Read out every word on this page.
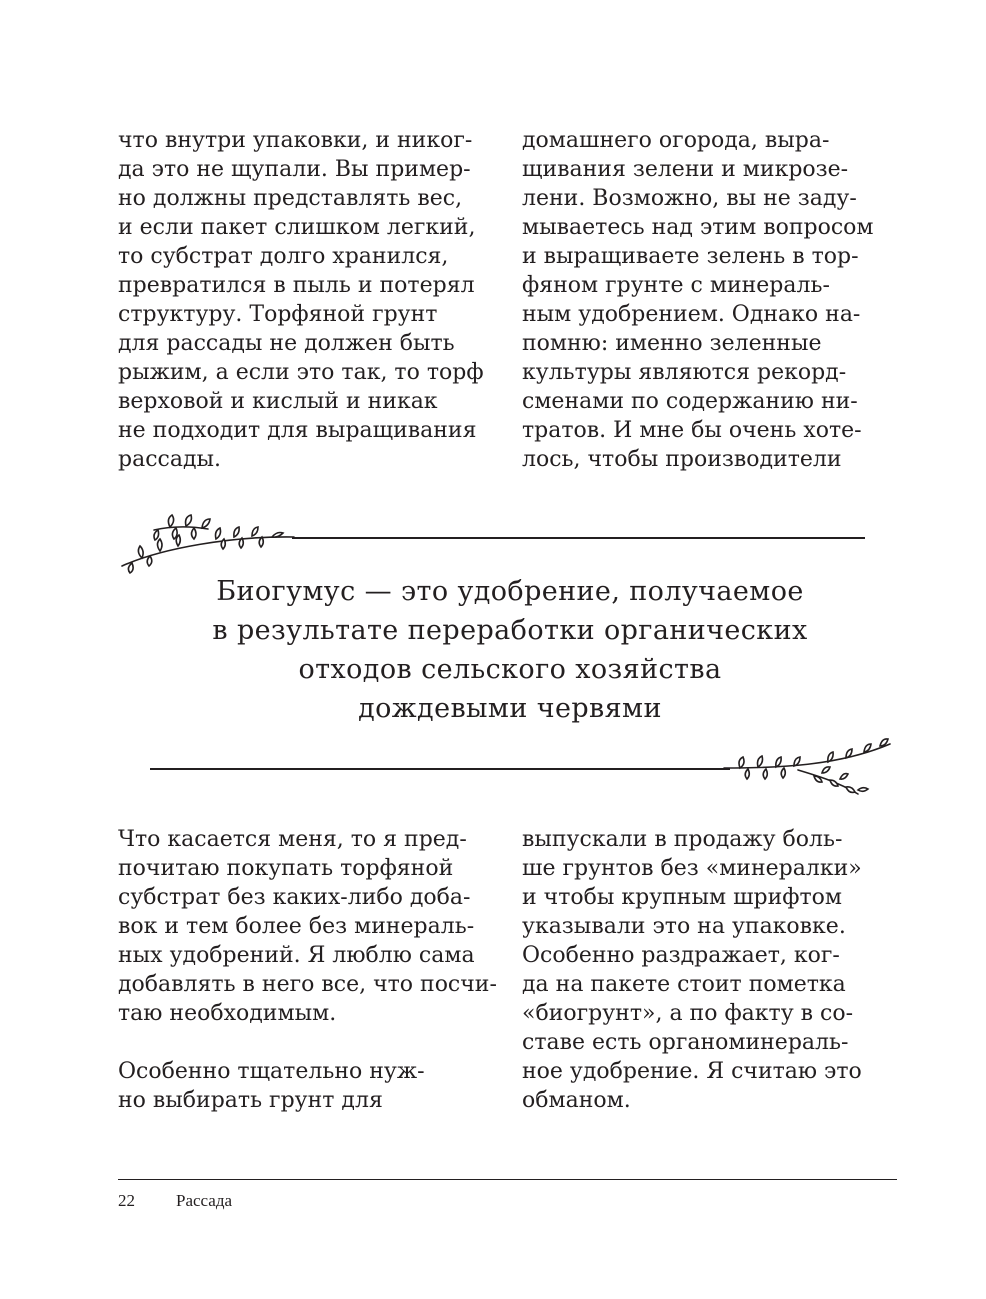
что внутри упаковки, и никог-
да это не щупали. Вы пример-
но должны представлять вес,
и если пакет слишком легкий,
то субстрат долго хранился,
превратился в пыль и потерял
структуру. Торфяной грунт
для рассады не должен быть
рыжим, а если это так, то торф
верховой и кислый и никак
не подходит для выращивания
рассады.
домашнего огорода, выра-
щивания зелени и микрозе-
лени. Возможно, вы не заду-
мываетесь над этим вопросом
и выращиваете зелень в тор-
фяном грунте с минераль-
ным удобрением. Однако на-
помню: именно зеленные
культуры являются рекорд-
сменами по содержанию ни-
тратов. И мне бы очень хоте-
лось, чтобы производители
Биогумус — это удобрение, получаемое
в результате переработки органических
отходов сельского хозяйства
дождевыми червями
Что касается меня, то я пред-
почитаю покупать торфяной
субстрат без каких-либо доба-
вок и тем более без минераль-
ных удобрений. Я люблю сама
добавлять в него все, что посчи-
таю необходимым.
Особенно тщательно нуж-
но выбирать грунт для
выпускали в продажу боль-
ше грунтов без «минералки»
и чтобы крупным шрифтом
указывали это на упаковке.
Особенно раздражает, ког-
да на пакете стоит пометка
«биогрунт», а по факту в со-
ставе есть органоминераль-
ное удобрение. Я считаю это
обманом.
22 Рассада
